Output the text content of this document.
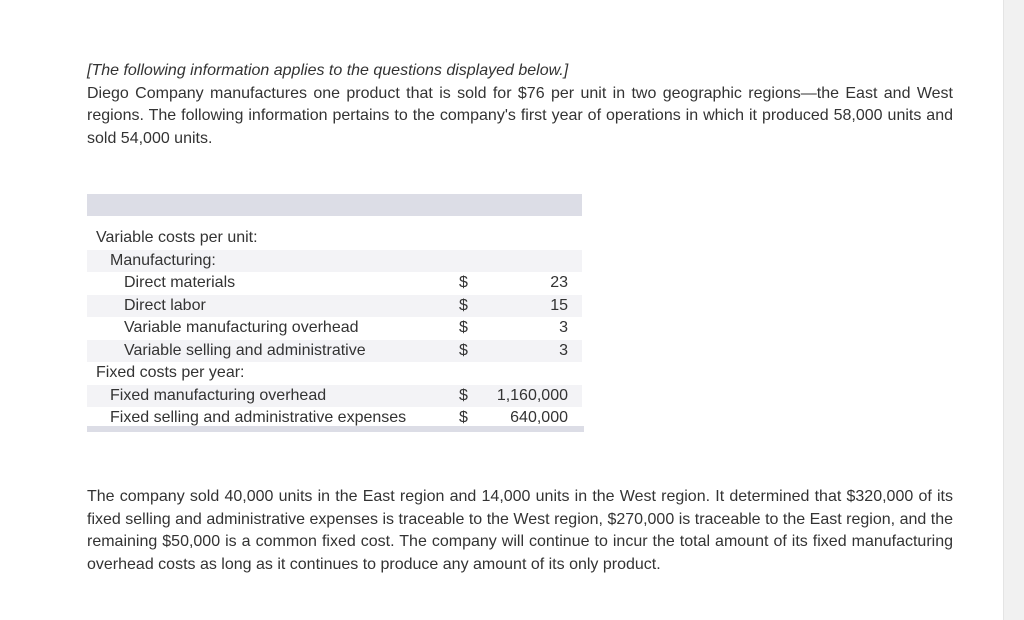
[The following information applies to the questions displayed below.]
Diego Company manufactures one product that is sold for $76 per unit in two geographic regions—the East and West regions. The following information pertains to the company's first year of operations in which it produced 58,000 units and sold 54,000 units.
Variable costs per unit:
Manufacturing:
Direct materials	$	23
Direct labor	$	15
Variable manufacturing overhead	$	3
Variable selling and administrative	$	3
Fixed costs per year:
Fixed manufacturing overhead	$ 1,160,000
Fixed selling and administrative expenses	$	640,000
The company sold 40,000 units in the East region and 14,000 units in the West region. It determined that $320,000 of its fixed selling and administrative expenses is traceable to the West region, $270,000 is traceable to the East region, and the remaining $50,000 is a common fixed cost. The company will continue to incur the total amount of its fixed manufacturing overhead costs as long as it continues to produce any amount of its only product.
